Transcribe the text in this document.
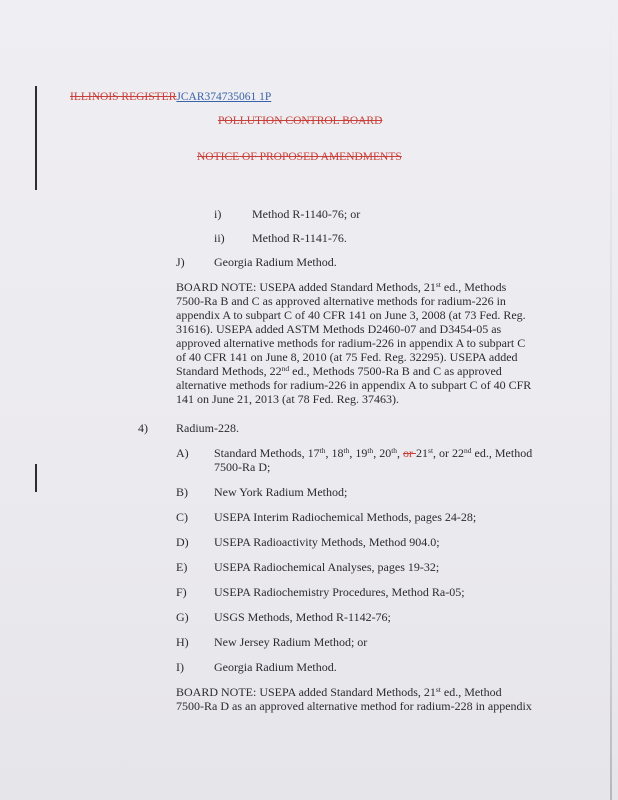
ILLINOIS REGISTERJCAR374735061 1P
POLLUTION CONTROL BOARD
NOTICE OF PROPOSED AMENDMENTS
i)	Method R-1140-76; or
ii) Method R-1141-76.
J) Georgia Radium Method.
BOARD NOTE: USEPA added Standard Methods, 21st ed., Methods
7500-Ra B and C as approved alternative methods for radium-226 in
appendix A to subpart C of 40 CFR 141 on June 3, 2008 (at 73 Fed. Reg.
31616). USEPA added ASTM Methods D2460-07 and D3454-05 as
approved alternative methods for radium-226 in appendix A to subpart C
of 40 CFR 141 on June 8, 2010 (at 75 Fed. Reg. 32295). USEPA added
Standard Methods, 22nd ed., Methods 7500-Ra B and C as approved
alternative methods for radium-226 in appendix A to subpart C of 40 CFR
141 on June 21, 2013 (at 78 Fed. Reg. 37463).
4) Radium-228.
A) Standard Methods, 17th, 18th, 19th, 20th, or 21st, or 22nd ed., Method
7500-Ra D;
B) New York Radium Method;
C) USEPA Interim Radiochemical Methods, pages 24-28;
D) USEPA Radioactivity Methods, Method 904.0;
E) USEPA Radiochemical Analyses, pages 19-32;
F) USEPA Radiochemistry Procedures, Method Ra-05;
G) USGS Methods, Method R-1142-76;
H) New Jersey Radium Method; or
I)	Georgia Radium Method.
BOARD NOTE: USEPA added Standard Methods, 21st ed., Method
7500-Ra D as an approved alternative method for radium-228 in appendix
